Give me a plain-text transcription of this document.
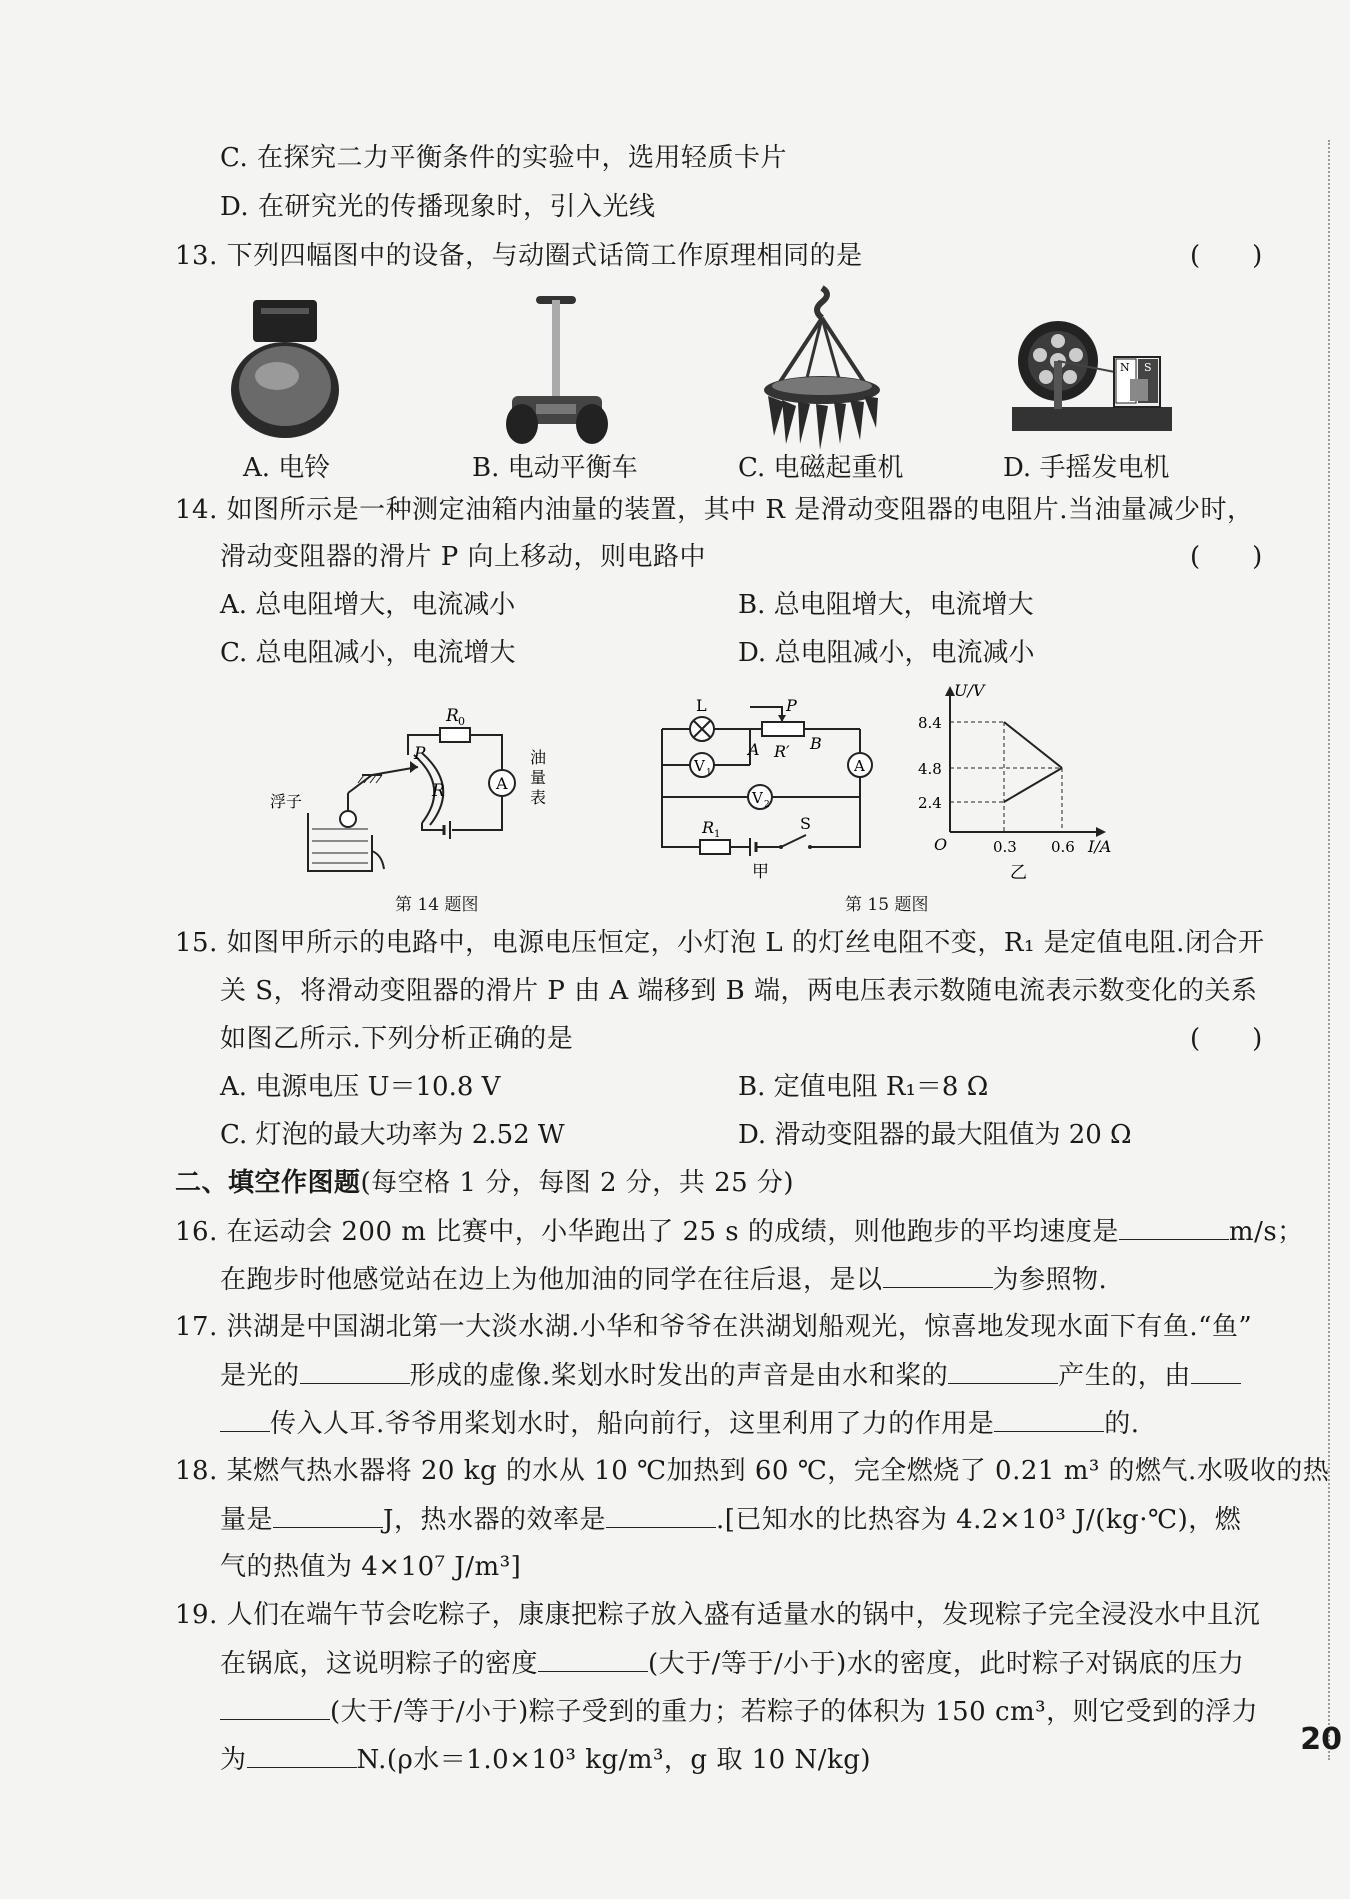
C. 在探究二力平衡条件的实验中，选用轻质卡片
D. 在研究光的传播现象时，引入光线
13. 下列四幅图中的设备，与动圈式话筒工作原理相同的是	(　　)
N S
A. 电铃	B. 电动平衡车	C. 电磁起重机	D. 手摇发电机
14. 如图所示是一种测定油箱内油量的装置，其中 R 是滑动变阻器的电阻片.当油量减少时，
滑动变阻器的滑片 P 向上移动，则电路中	(　　)
A. 总电阻增大，电流减小	B. 总电阻增大，电流增大
C. 总电阻减小，电流增大	D. 总电阻减小，电流减小
R 0
A
R
P
浮子
油
量
表
第 14 题图
L	P
A	B
R′
V 1	A
V 2
R 1
S
甲
U/V
I/A
O
8.4
4.8
2.4
0.3 0.6
乙
第 15 题图
15. 如图甲所示的电路中，电源电压恒定，小灯泡 L 的灯丝电阻不变，R₁ 是定值电阻.闭合开
关 S，将滑动变阻器的滑片 P 由 A 端移到 B 端，两电压表示数随电流表示数变化的关系
如图乙所示.下列分析正确的是	(　　)
A. 电源电压 U＝10.8 V	B. 定值电阻 R₁＝8 Ω
C. 灯泡的最大功率为 2.52 W	D. 滑动变阻器的最大阻值为 20 Ω
二、填空作图题(每空格 1 分，每图 2 分，共 25 分)
16. 在运动会 200 m 比赛中，小华跑出了 25 s 的成绩，则他跑步的平均速度是	m/s；
在跑步时他感觉站在边上为他加油的同学在往后退，是以	为参照物.
17. 洪湖是中国湖北第一大淡水湖.小华和爷爷在洪湖划船观光，惊喜地发现水面下有鱼.“鱼”
是光的	形成的虚像.桨划水时发出的声音是由水和桨的	产生的，由
传入人耳.爷爷用桨划水时，船向前行，这里利用了力的作用是	的.
18. 某燃气热水器将 20 kg 的水从 10 ℃加热到 60 ℃，完全燃烧了 0.21 m³ 的燃气.水吸收的热
量是	J，热水器的效率是	.[已知水的比热容为 4.2×10³ J/(kg·℃)，燃
气的热值为 4×10⁷ J/m³]
19. 人们在端午节会吃粽子，康康把粽子放入盛有适量水的锅中，发现粽子完全浸没水中且沉
在锅底，这说明粽子的密度	(大于/等于/小于)水的密度，此时粽子对锅底的压力
(大于/等于/小于)粽子受到的重力；若粽子的体积为 150 cm³，则它受到的浮力
为	N.(ρ水＝1.0×10³ kg/m³，g 取 10 N/kg)
20
